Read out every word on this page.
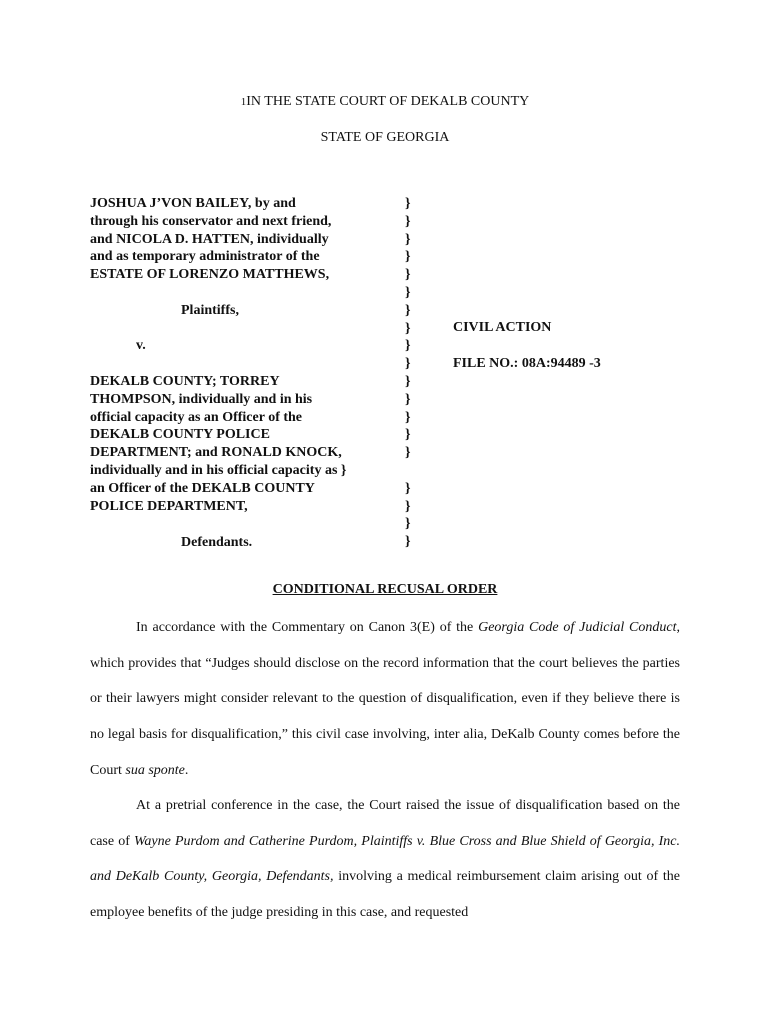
1IN THE STATE COURT OF DEKALB COUNTY
STATE OF GEORGIA
JOSHUA J’VON BAILEY, by and
through his conservator and next friend,
and NICOLA D. HATTEN, individually
and as temporary administrator of the
ESTATE OF LORENZO MATTHEWS,
Plaintiffs,
v.
DEKALB COUNTY; TORREY
THOMPSON, individually and in his
official capacity as an Officer of the
DEKALB COUNTY POLICE
DEPARTMENT; and RONALD KNOCK,
individually and in his official capacity as }
an Officer of the DEKALB COUNTY
POLICE DEPARTMENT,
Defendants.
}
}
}
}
}
}
}
}
}
}
}
}
}
}
}
}
}
}
}
CIVIL ACTION
FILE NO.: 08A:94489 -3
CONDITIONAL RECUSAL ORDER
In accordance with the Commentary on Canon 3(E) of the Georgia Code of Judicial Conduct, which provides that “Judges should disclose on the record information that the court believes the parties or their lawyers might consider relevant to the question of disqualification, even if they believe there is no legal basis for disqualification,” this civil case involving, inter alia, DeKalb County comes before the Court sua sponte.
At a pretrial conference in the case, the Court raised the issue of disqualification based on the case of Wayne Purdom and Catherine Purdom, Plaintiffs v. Blue Cross and Blue Shield of Georgia, Inc. and DeKalb County, Georgia, Defendants, involving a medical reimbursement claim arising out of the employee benefits of the judge presiding in this case, and requested
